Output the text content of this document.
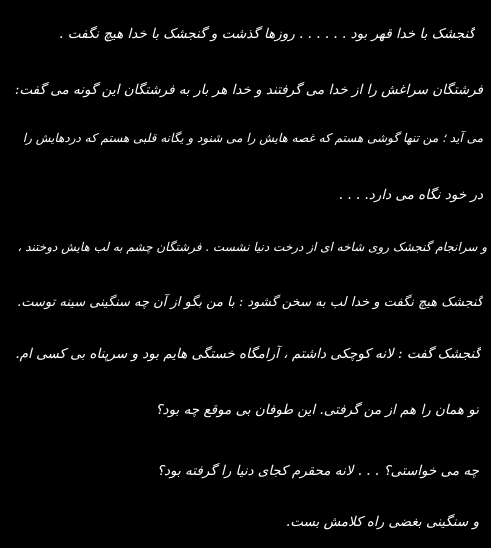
گنجشک با خدا قهر بود . . . . . . روزها گذشت و گنجشک با خدا هیچ نگفت .
فرشتگان سراغش را از خدا می گرفتند و خدا هر بار به فرشتگان این گونه می گفت:
می آید ؛ من تنها گوشی هستم که غصه هایش را می شنود و یگانه قلبی هستم که دردهایش را
در خود نگاه می دارد. . . .
و سرانجام گنجشک روی شاخه ای از درخت دنیا نشست . فرشتگان چشم به لب هایش دوختند ،
گنجشک هیچ نگفت و خدا لب به سخن گشود : با من بگو از آن چه سنگینی سینه توست.
گنجشک گفت : لانه کوچکی داشتم ، آرامگاه خستگی هایم بود و سرپناه بی کسی ام.
تو همان را هم از من گرفتی. این طوفان بی موقع چه بود؟
چه می خواستی؟ . . . لانه محقرم کجای دنیا را گرفته بود؟
و سنگینی بغضی راه کلامش بست.
